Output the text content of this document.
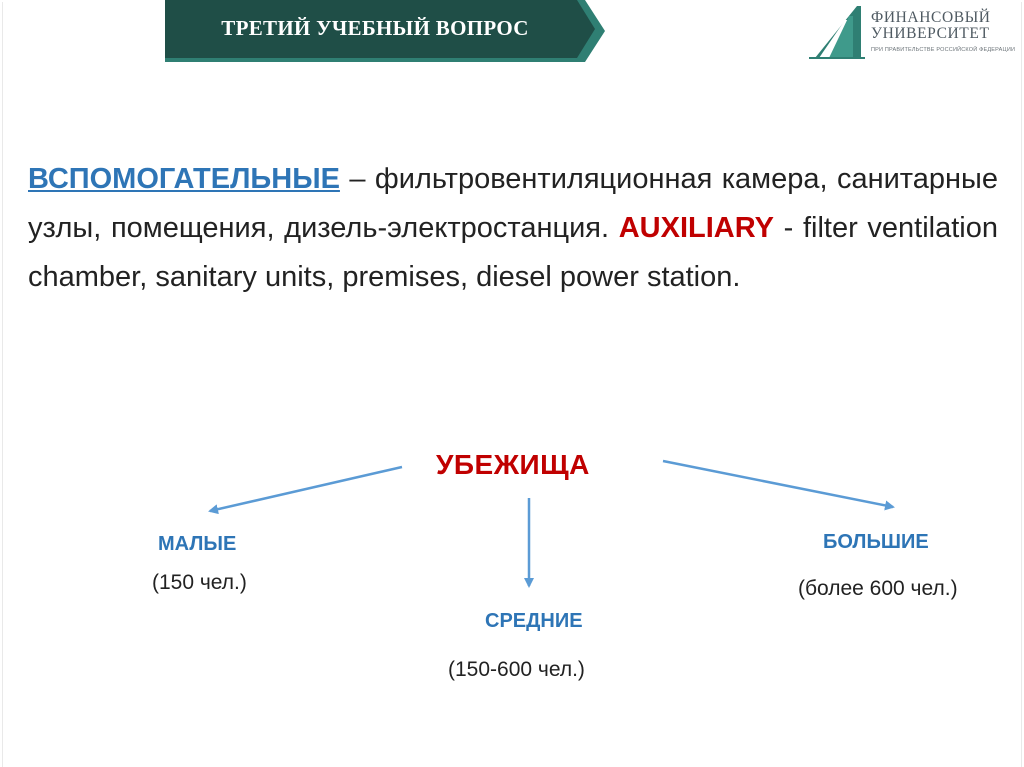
ТРЕТИЙ УЧЕБНЫЙ ВОПРОС	ФИНАНСОВЫЙ
УНИВЕРСИТЕТ
ПРИ ПРАВИТЕЛЬСТВЕ РОССИЙСКОЙ ФЕДЕРАЦИИ
ВСПОМОГАТЕЛЬНЫЕ – фильтровентиляционная камера, санитарные узлы, помещения, дизель-электростанция. AUXILIARY - filter ventilation chamber, sanitary units, premises, diesel power station.
УБЕЖИЩА
МАЛЫЕ
(150 чел.)
СРЕДНИЕ
(150-600 чел.)
БОЛЬШИЕ
(более 600 чел.)
